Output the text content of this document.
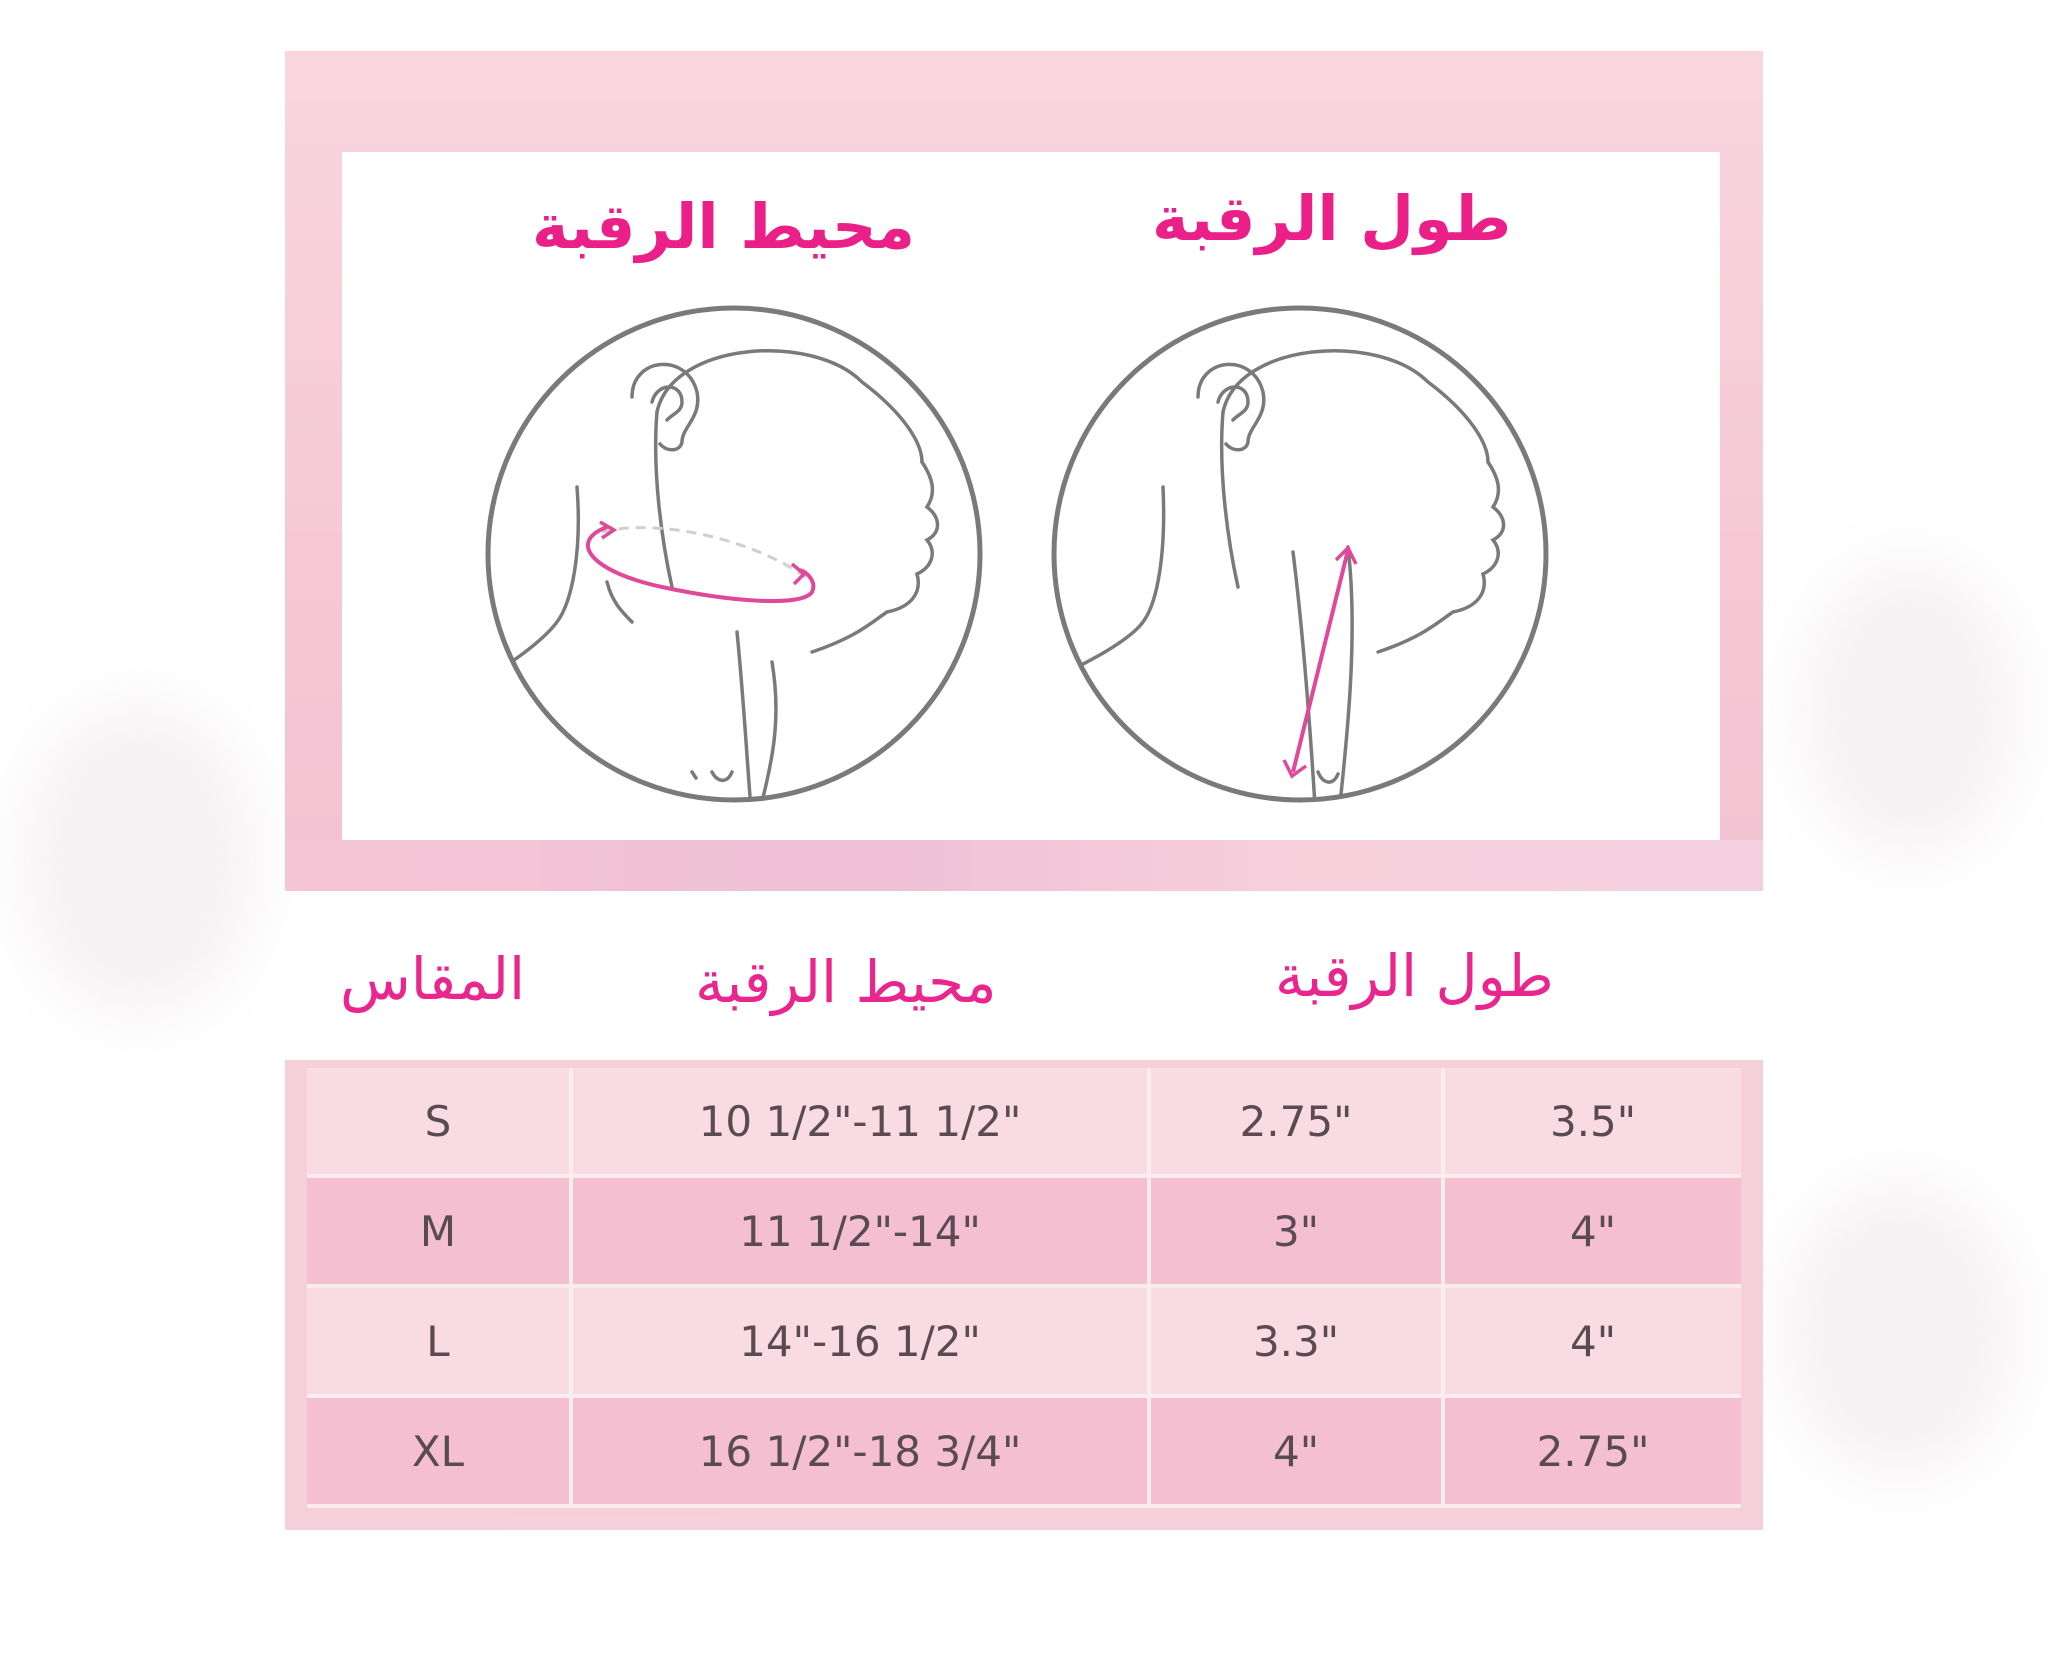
محيط الرقبة	طول الرقبة
المقاس	محيط الرقبة	طول الرقبة
S	10 1/2"-11 1/2"	2.75"	3.5"
M	11 1/2"-14"	3"	4"
L	14"-16 1/2"	3.3"	4"
XL	16 1/2"-18 3/4"	4"	2.75"
